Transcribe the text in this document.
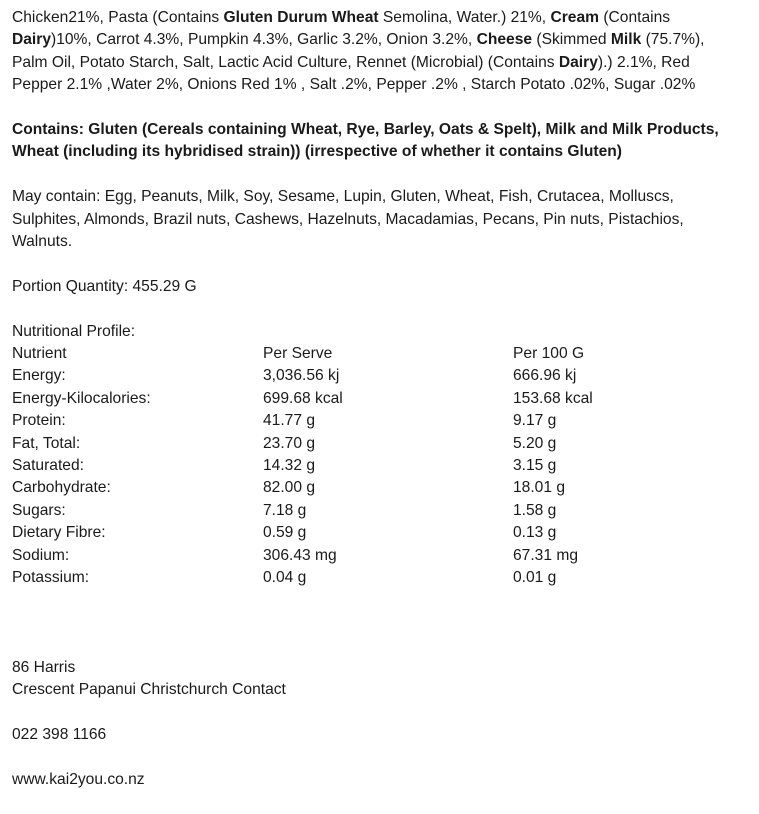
Chicken21%, Pasta (Contains Gluten Durum Wheat Semolina, Water.) 21%, Cream (Contains
Dairy)10%, Carrot 4.3%, Pumpkin 4.3%, Garlic 3.2%, Onion 3.2%, Cheese (Skimmed Milk (75.7%),
Palm Oil, Potato Starch, Salt, Lactic Acid Culture, Rennet (Microbial) (Contains Dairy).) 2.1%, Red
Pepper 2.1% ,Water 2%, Onions Red 1% , Salt .2%, Pepper .2% , Starch Potato .02%, Sugar .02%
Contains: Gluten (Cereals containing Wheat, Rye, Barley, Oats & Spelt), Milk and Milk Products,
Wheat (including its hybridised strain)) (irrespective of whether it contains Gluten)
May contain: Egg, Peanuts, Milk, Soy, Sesame, Lupin, Gluten, Wheat, Fish, Crutacea, Molluscs,
Sulphites, Almonds, Brazil nuts, Cashews, Hazelnuts, Macadamias, Pecans, Pin nuts, Pistachios,
Walnuts.
Portion Quantity: 455.29 G
Nutritional Profile:
Nutrient	Per Serve	Per 100 G
Energy:	3,036.56 kj	666.96 kj
Energy-Kilocalories:	699.68 kcal	153.68 kcal
Protein:	41.77 g	9.17 g
Fat, Total:	23.70 g	5.20 g
Saturated:	14.32 g	3.15 g
Carbohydrate:	82.00 g	18.01 g
Sugars:	7.18 g	1.58 g
Dietary Fibre:	0.59 g	0.13 g
Sodium:	306.43 mg	67.31 mg
Potassium:	0.04 g	0.01 g
86 Harris
Crescent Papanui Christchurch Contact
022 398 1166
www.kai2you.co.nz
